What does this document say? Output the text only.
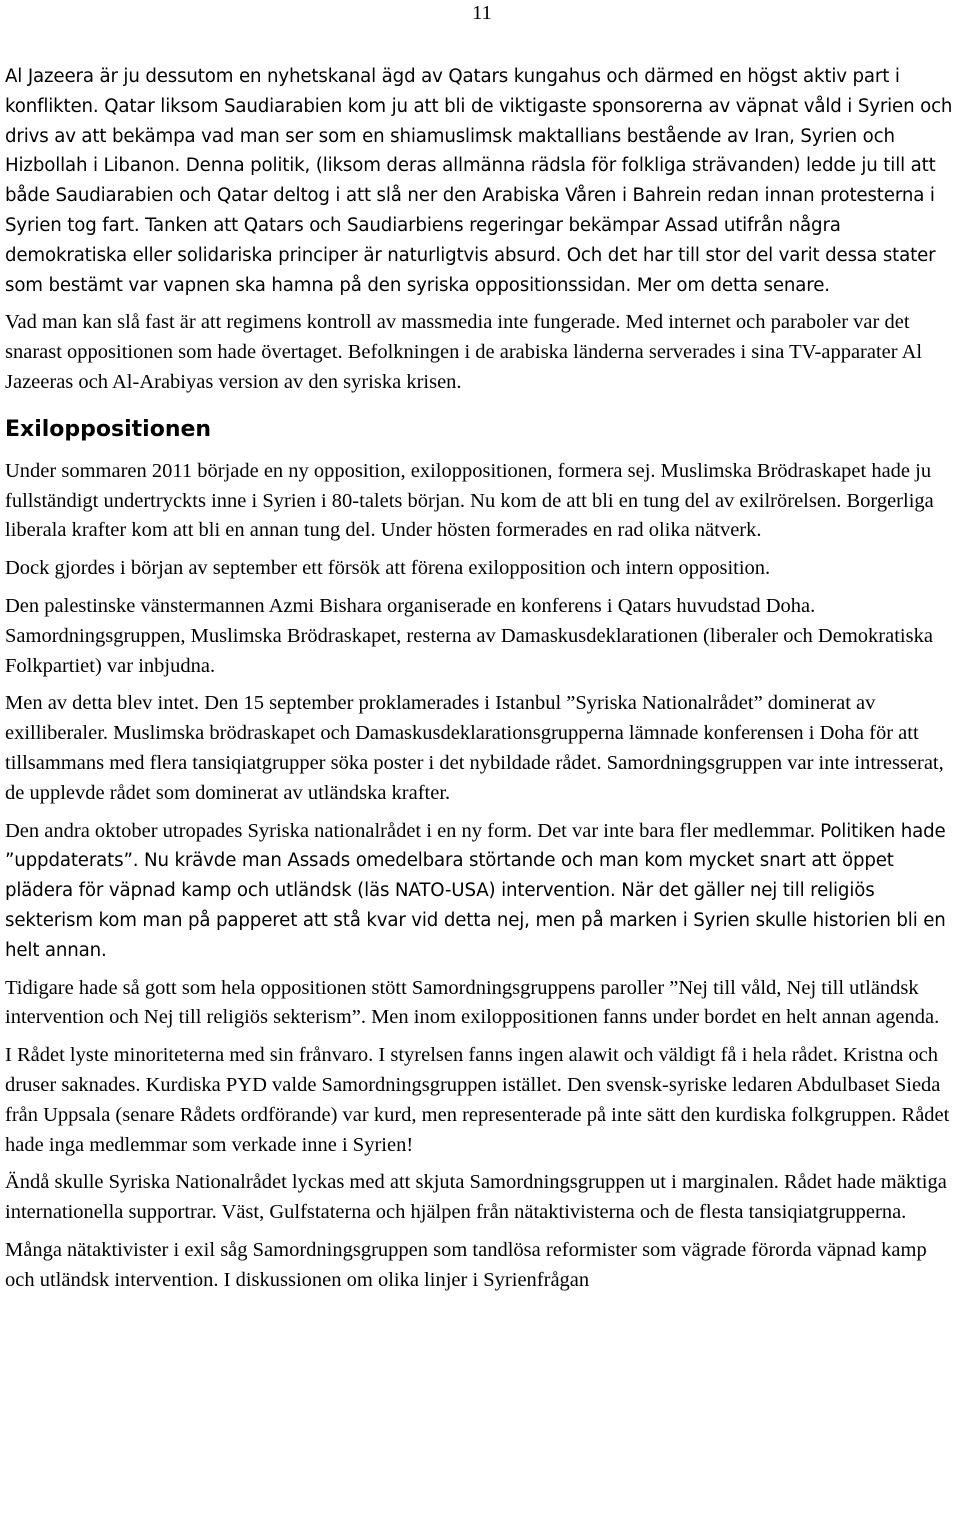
11

Al Jazeera är ju dessutom en nyhetskanal ägd av Qatars kungahus och därmed en högst aktiv part i konflikten. Qatar liksom Saudiarabien kom ju att bli de viktigaste sponsorerna av väpnat våld i Syrien och drivs av att bekämpa vad man ser som en shiamuslimsk maktallians bestående av Iran, Syrien och Hizbollah i Libanon. Denna politik, (liksom deras allmänna rädsla för folkliga strävanden) ledde ju till att både Saudiarabien och Qatar deltog i att slå ner den Arabiska Våren i Bahrein redan innan protesterna i Syrien tog fart. Tanken att Qatars och Saudiarbiens regeringar bekämpar Assad utifrån några demokratiska eller solidariska principer är naturligtvis absurd. Och det har till stor del varit dessa stater som bestämt var vapnen ska hamna på den syriska oppositionssidan. Mer om detta senare.

Vad man kan slå fast är att regimens kontroll av massmedia inte fungerade. Med internet och paraboler var det snarast oppositionen som hade övertaget. Befolkningen i de arabiska länderna serverades i sina TV-apparater Al Jazeeras och Al-Arabiyas version av den syriska krisen.

Exiloppositionen

Under sommaren 2011 började en ny opposition, exiloppositionen, formera sej. Muslimska Brödraskapet hade ju fullständigt undertryckts inne i Syrien i 80-talets början. Nu kom de att bli en tung del av exilrörelsen. Borgerliga liberala krafter kom att bli en annan tung del. Under hösten formerades en rad olika nätverk.

Dock gjordes i början av september ett försök att förena exilopposition och intern opposition.

Den palestinske vänstermannen Azmi Bishara organiserade en konferens i Qatars huvudstad Doha. Samordningsgruppen, Muslimska Brödraskapet, resterna av Damaskusdeklarationen (liberaler och Demokratiska Folkpartiet) var inbjudna.

Men av detta blev intet. Den 15 september proklamerades i Istanbul ”Syriska Nationalrådet” dominerat av exilliberaler. Muslimska brödraskapet och Damaskusdeklarationsgrupperna lämnade konferensen i Doha för att tillsammans med flera tansiqiatgrupper söka poster i det nybildade rådet. Samordningsgruppen var inte intresserat, de upplevde rådet som dominerat av utländska krafter.

Den andra oktober utropades Syriska nationalrådet i en ny form. Det var inte bara fler medlemmar. Politiken hade ”uppdaterats”. Nu krävde man Assads omedelbara störtande och man kom mycket snart att öppet plädera för väpnad kamp och utländsk (läs NATO-USA) intervention. När det gäller nej till religiös sekterism kom man på papperet att stå kvar vid detta nej, men på marken i Syrien skulle historien bli en helt annan.

Tidigare hade så gott som hela oppositionen stött Samordningsgruppens paroller ”Nej till våld, Nej till utländsk intervention och Nej till religiös sekterism”. Men inom exiloppositionen fanns under bordet en helt annan agenda.

I Rådet lyste minoriteterna med sin frånvaro. I styrelsen fanns ingen alawit och väldigt få i hela rådet. Kristna och druser saknades. Kurdiska PYD valde Samordningsgruppen istället. Den svensk-syriske ledaren Abdulbaset Sieda från Uppsala (senare Rådets ordförande) var kurd, men representerade på inte sätt den kurdiska folkgruppen. Rådet hade inga medlemmar som verkade inne i Syrien!

Ändå skulle Syriska Nationalrådet lyckas med att skjuta Samordningsgruppen ut i marginalen. Rådet hade mäktiga internationella supportrar. Väst, Gulfstaterna och hjälpen från nätaktivisterna och de flesta tansiqiatgrupperna.

Många nätaktivister i exil såg Samordningsgruppen som tandlösa reformister som vägrade förorda väpnad kamp och utländsk intervention. I diskussionen om olika linjer i Syrienfrågan
